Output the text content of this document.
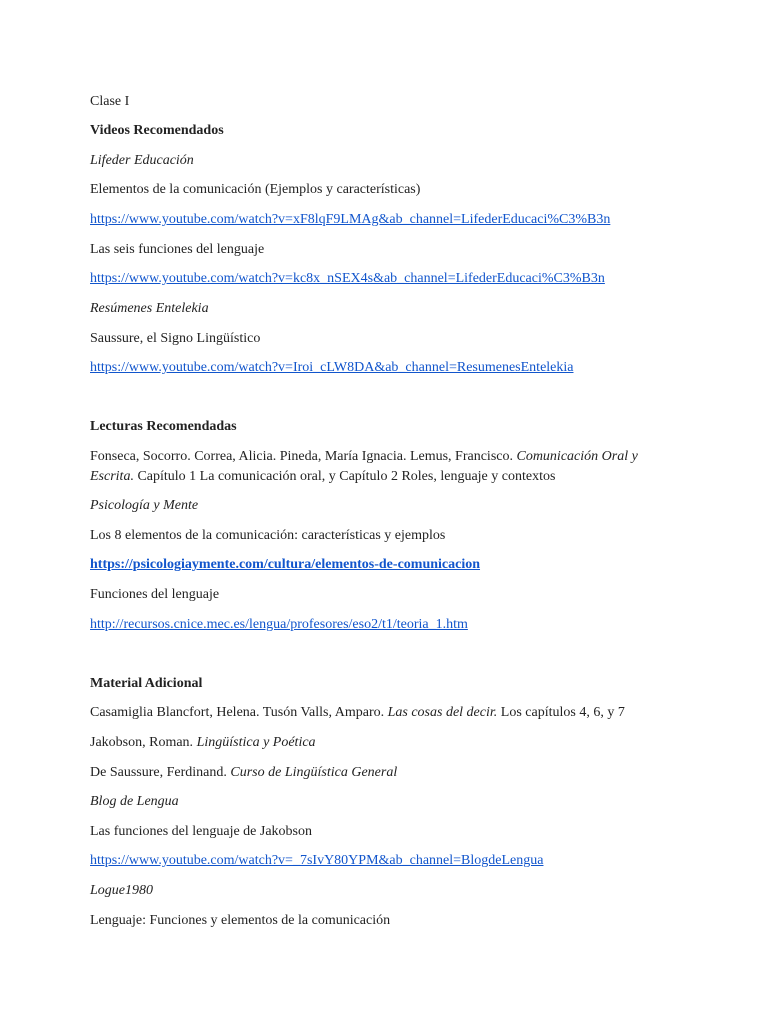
Clase I
Videos Recomendados
Lifeder Educación
Elementos de la comunicación (Ejemplos y características)
https://www.youtube.com/watch?v=xF8lqF9LMAg&ab_channel=LifederEducaci%C3%B3n
Las seis funciones del lenguaje
https://www.youtube.com/watch?v=kc8x_nSEX4s&ab_channel=LifederEducaci%C3%B3n
Resúmenes Entelekia
Saussure, el Signo Lingüístico
https://www.youtube.com/watch?v=Iroi_cLW8DA&ab_channel=ResumenesEntelekia
Lecturas Recomendadas
Fonseca, Socorro. Correa, Alicia. Pineda, María Ignacia. Lemus, Francisco. Comunicación Oral y Escrita. Capítulo 1 La comunicación oral, y Capítulo 2 Roles, lenguaje y contextos
Psicología y Mente
Los 8 elementos de la comunicación: características y ejemplos
https://psicologiaymente.com/cultura/elementos-de-comunicacion
Funciones del lenguaje
http://recursos.cnice.mec.es/lengua/profesores/eso2/t1/teoria_1.htm
Material Adicional
Casamiglia Blancfort, Helena. Tusón Valls, Amparo. Las cosas del decir. Los capítulos 4, 6, y 7
Jakobson, Roman. Lingüística y Poética
De Saussure, Ferdinand. Curso de Lingüística General
Blog de Lengua
Las funciones del lenguaje de Jakobson
https://www.youtube.com/watch?v=_7sIvY80YPM&ab_channel=BlogdeLengua
Logue1980
Lenguaje: Funciones y elementos de la comunicación
